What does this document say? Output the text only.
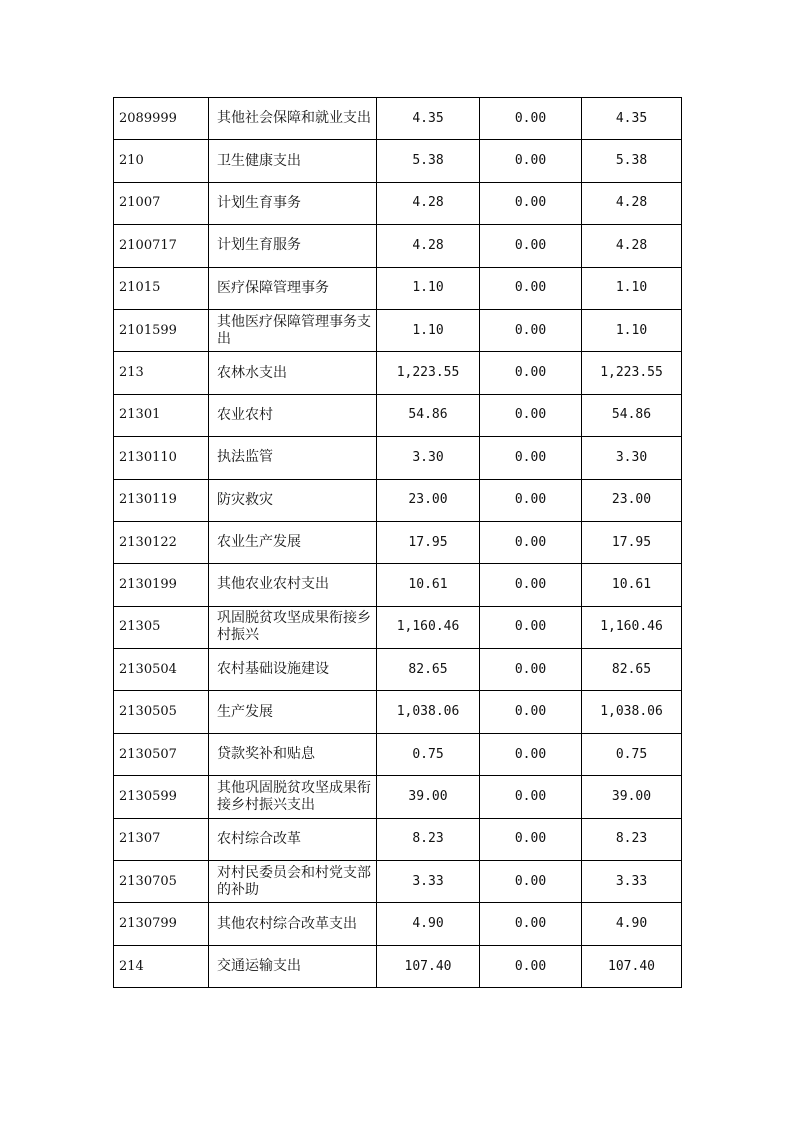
2089999	其他社会保障和就业支出	4.35	0.00	4.35
210	卫生健康支出	5.38	0.00	5.38
21007	计划生育事务	4.28	0.00	4.28
2100717	计划生育服务	4.28	0.00	4.28
21015	医疗保障管理事务	1.10	0.00	1.10
2101599	其他医疗保障管理事务支出	1.10	0.00	1.10
213	农林水支出	1,223.55	0.00	1,223.55
21301	农业农村	54.86	0.00	54.86
2130110	执法监管	3.30	0.00	3.30
2130119	防灾救灾	23.00	0.00	23.00
2130122	农业生产发展	17.95	0.00	17.95
2130199	其他农业农村支出	10.61	0.00	10.61
21305	巩固脱贫攻坚成果衔接乡村振兴	1,160.46	0.00	1,160.46
2130504	农村基础设施建设	82.65	0.00	82.65
2130505	生产发展	1,038.06	0.00	1,038.06
2130507	贷款奖补和贴息	0.75	0.00	0.75
2130599	其他巩固脱贫攻坚成果衔接乡村振兴支出	39.00	0.00	39.00
21307	农村综合改革	8.23	0.00	8.23
2130705	对村民委员会和村党支部的补助	3.33	0.00	3.33
2130799	其他农村综合改革支出	4.90	0.00	4.90
214	交通运输支出	107.40	0.00	107.40
